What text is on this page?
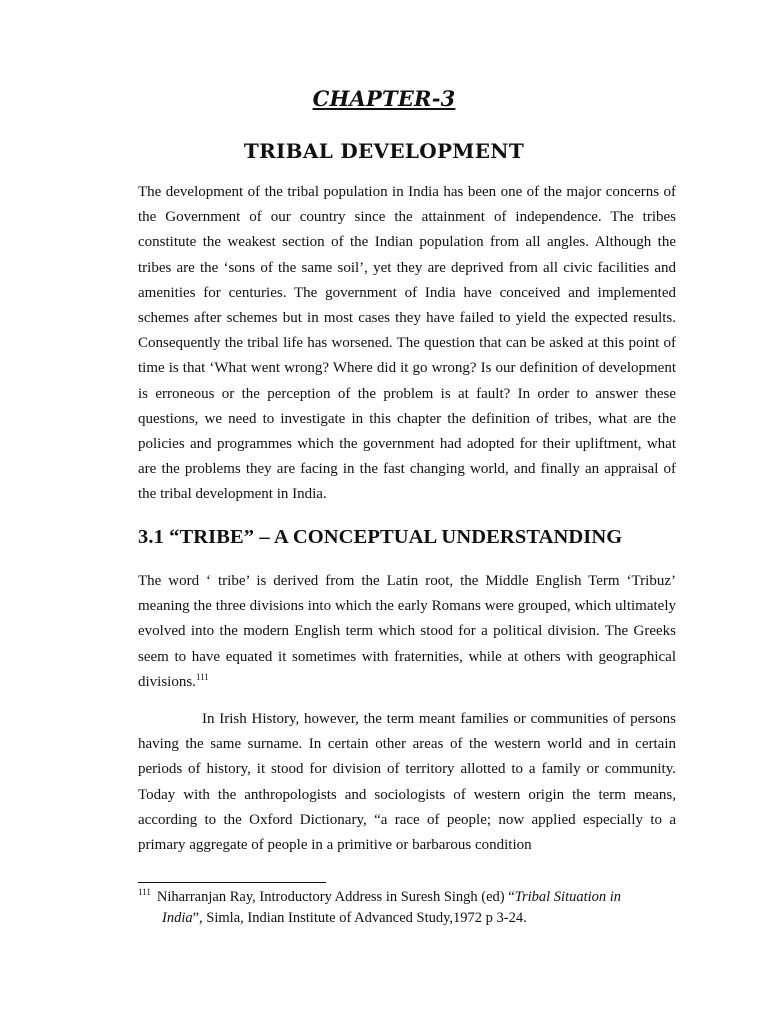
CHAPTER-3
TRIBAL DEVELOPMENT

The development of the tribal population in India has been one of the major concerns of the Government of our country since the attainment of independence. The tribes constitute the weakest section of the Indian population from all angles. Although the tribes are the ‘sons of the same soil’, yet they are deprived from all civic facilities and amenities for centuries. The government of India have conceived and implemented schemes after schemes but in most cases they have failed to yield the expected results. Consequently the tribal life has worsened. The question that can be asked at this point of time is that ‘What went wrong? Where did it go wrong? Is our definition of development is erroneous or the perception of the problem is at fault? In order to answer these questions, we need to investigate in this chapter the definition of tribes, what are the policies and programmes which the government had adopted for their upliftment, what are the problems they are facing in the fast changing world, and finally an appraisal of the tribal development in India.

3.1 “TRIBE” – A CONCEPTUAL UNDERSTANDING

The word ‘ tribe’ is derived from the Latin root, the Middle English Term ‘Tribuz’ meaning the three divisions into which the early Romans were grouped, which ultimately evolved into the modern English term which stood for a political division. The Greeks seem to have equated it sometimes with fraternities, while at others with geographical divisions.$^{111}$

In Irish History, however, the term meant families or communities of persons having the same surname. In certain other areas of the western world and in certain periods of history, it stood for division of territory allotted to a family or community. Today with the anthropologists and sociologists of western origin the term means, according to the Oxford Dictionary, “a race of people; now applied especially to a primary aggregate of people in a primitive or barbarous condition

$^{111}$ Niharranjan Ray, Introductory Address in Suresh Singh (ed) “Tribal Situation in
India”, Simla, Indian Institute of Advanced Study,1972 p 3-24.
